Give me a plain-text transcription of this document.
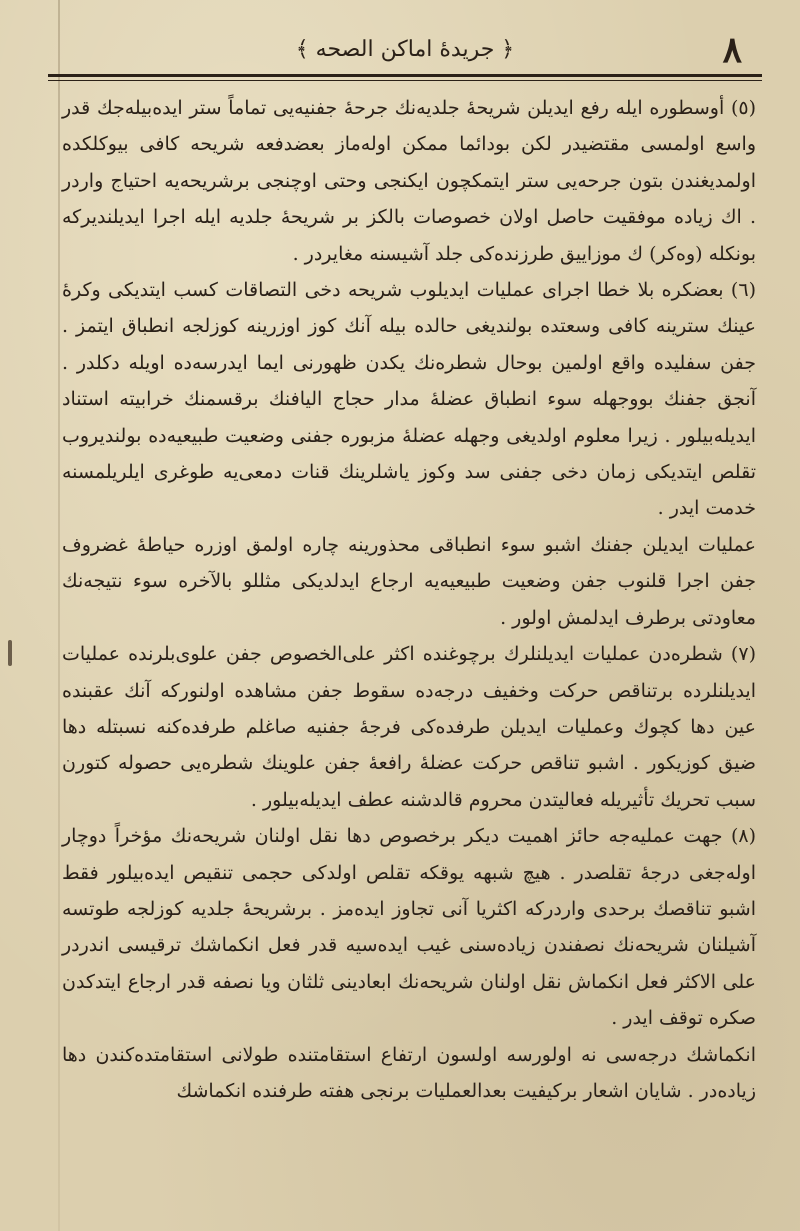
٨
﴿ جريدهٔ اماكن الصحه ﴾

(٥) أوسطوره ايله رفع ايديلن شريحهٔ جلديه‌نك جرحهٔ جفنيه‌يى تماماً ستر ايده‌بيله‌جك قدر واسع اولمسى مقتضيدر لكن بودائما ممكن اوله‌ماز بعضدفعه شريحه كافى بيوكلكده اولمديغندن بتون جرحه‌يى ستر ايتمكچون ايكنجى وحتى اوچنجى برشريحه‌يه احتياج واردر . اك زياده موفقيت حاصل اولان خصوصات بالكز بر شريحهٔ جلديه ايله اجرا ايديلنديركه بونكله (وه‌كر) ك موزاييق طرزنده‌كى جلد آشيسنه مغايردر .

(٦) بعضكره بلا خطا اجراى عمليات ايديلوب شريحه دخى التصاقات كسب ايتديكى وكرهٔ عينك سترينه كافى وسعتده بولنديغى حالده بيله آنك كوز اوزرينه كوزلجه انطباق ايتمز . جفن سفليده واقع اولمين بوحال شطره‌نك يكدن ظهورنى ايما ايدرسه‌ده اويله دكلدر . آنجق جفنك بووجهله سوء انطباق عضلهٔ مدار حجاج اليافنك برقسمنك خرابيته استناد ايديله‌بيلور . زيرا معلوم اولديغى وجهله عضلهٔ مزبوره جفنى وضعيت طبيعيه‌ده بولنديروب تقلص ايتديكى زمان دخى جفنى سد وكوز ياشلرينك قنات دمعى‌يه طوغرى ايلريلمسنه خدمت ايدر .

عمليات ايديلن جفنك اشبو سوء انطباقى محذورينه چاره اولمق اوزره حياطهٔ غضروف جفن اجرا قلنوب جفن وضعيت طبيعيه‌يه ارجاع ايدلديكى مثللو بالآخره سوء نتيجه‌نك معاودتى برطرف ايدلمش اولور .

(٧) شطره‌دن عمليات ايديلنلرك برچوغنده اكثر على‌الخصوص جفن علوى‌بلرنده عمليات ايديلنلرده برتناقص حركت وخفيف درجه‌ده سقوط جفن مشاهده اولنوركه آنك عقبنده عين دها كچوك وعمليات ايديلن طرفده‌كى فرجهٔ جفنيه صاغلم طرفده‌كنه نسبتله دها ضيق كوزيكور . اشبو تناقص حركت عضلهٔ رافعهٔ جفن علوينك شطره‌يى حصوله كتورن سبب تحريك تأثيريله فعاليتدن محروم قالدشنه عطف ايديله‌بيلور .

(٨) جهت عمليه‌جه حائز اهميت ديكر برخصوص دها نقل اولنان شريحه‌نك مؤخراً دوچار اوله‌جغى درجهٔ تقلصدر . هيچ شبهه يوقكه تقلص اولدكى حجمى تنقيص ايده‌بيلور فقط اشبو تناقصك برحدى واردركه اكثريا آنى تجاوز ايده‌مز . برشريحهٔ جلديه كوزلجه طوتسه آشيلنان شريحه‌نك نصفندن زياده‌سنى غيب ايده‌سيه قدر فعل انكماشك ترقيسى اندردر على الاكثر فعل انكماش نقل اولنان شريحه‌نك ابعادينى ثلثان ويا نصفه قدر ارجاع ايتدكدن صكره توقف ايدر .

انكماشك درجه‌سى نه اولورسه اولسون ارتفاع استقامتنده طولانى استقامتده‌كندن دها زياده‌در . شايان اشعار بركيفيت بعدالعمليات برنجى هفته طرفنده انكماشك
